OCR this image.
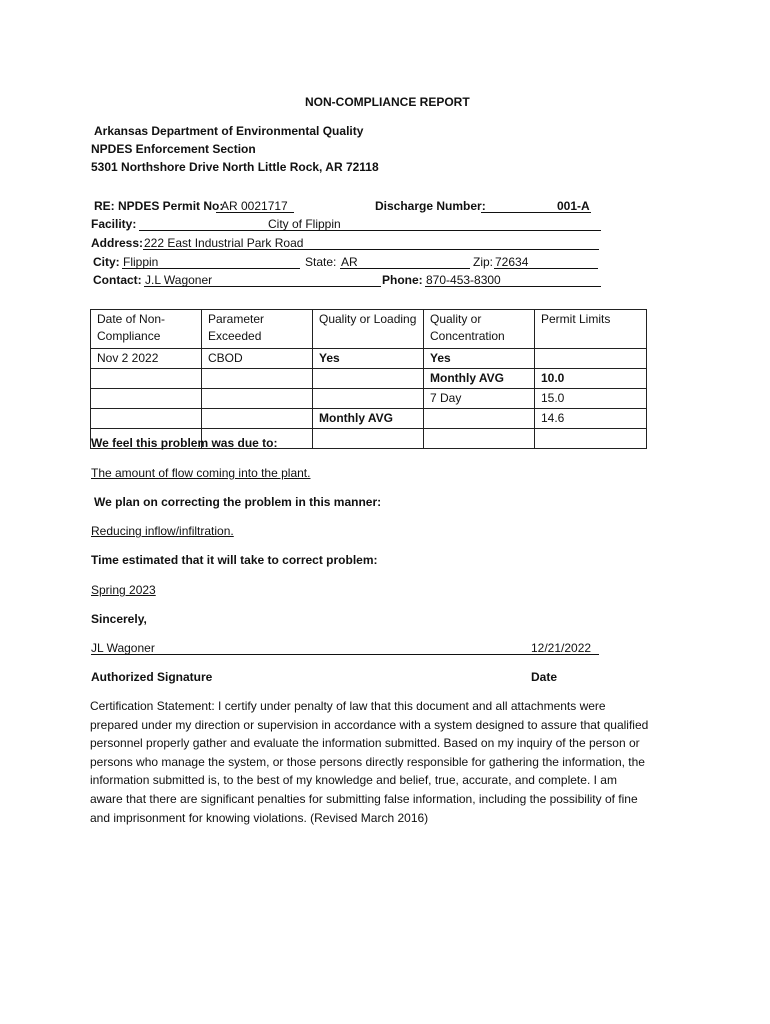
NON-COMPLIANCE REPORT
Arkansas Department of Environmental Quality
NPDES Enforcement Section
5301 Northshore Drive North Little Rock, AR 72118
RE: NPDES Permit No:
AR 0021717	Discharge Number:	001-A
Facility:	City of Flippin
Address: 222 East Industrial Park Road
City: Flippin	State: AR	Zip: 72634
Contact: J.L Wagoner	Phone: 870-453-8300
Date of Non-Compliance	Parameter Exceeded	Quality or Loading	Quality or Concentration	Permit Limits
Nov 2 2022	CBOD	Yes	Yes	
			Monthly AVG	10.0
			7 Day	15.0
		Monthly AVG		14.6

We feel this problem was due to:
The amount of flow coming into the plant.
We plan on correcting the problem in this manner:
Reducing inflow/infiltration.
Time estimated that it will take to correct problem:
Spring 2023
Sincerely,
JL Wagoner	12/21/2022
Authorized Signature	Date
Certification Statement: I certify under penalty of law that this document and all attachments were prepared under my direction or supervision in accordance with a system designed to assure that qualified personnel properly gather and evaluate the information submitted. Based on my inquiry of the person or persons who manage the system, or those persons directly responsible for gathering the information, the information submitted is, to the best of my knowledge and belief, true, accurate, and complete. I am aware that there are significant penalties for submitting false information, including the possibility of fine and imprisonment for knowing violations. (Revised March 2016)
